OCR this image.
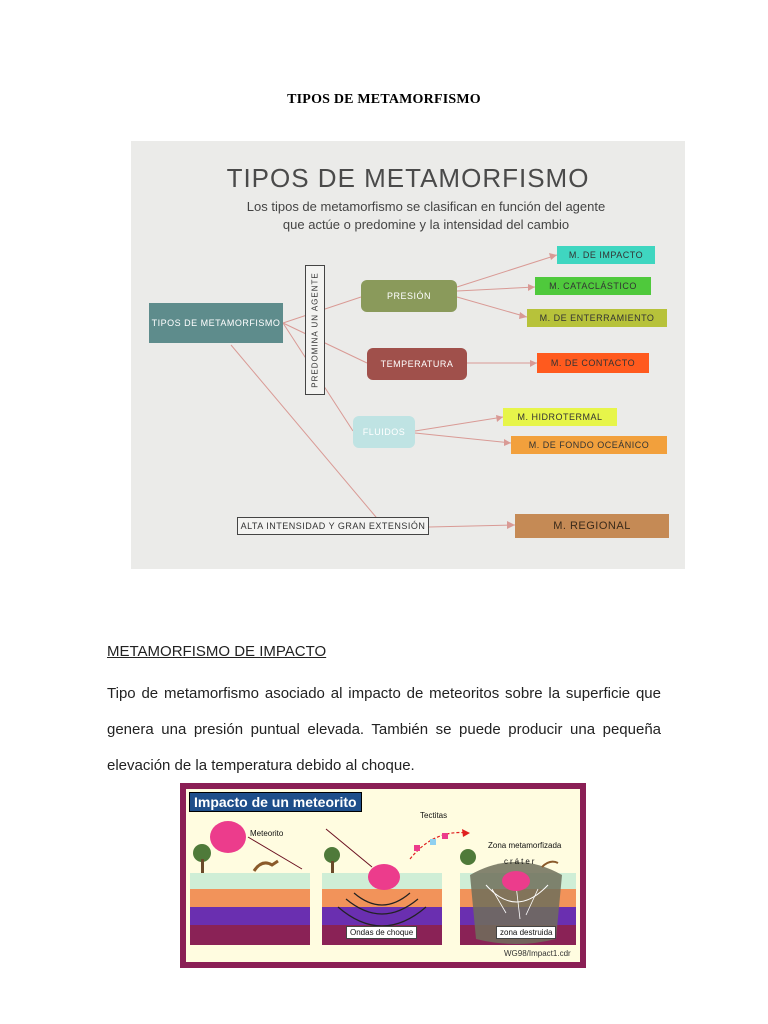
TIPOS DE METAMORFISMO
TIPOS DE METAMORFISMO
Los tipos de metamorfismo se clasifican en función del agente
que actúe o predomine y la intensidad del cambio
TIPOS DE METAMORFISMO	PREDOMINA UN AGENTE	PRESIÓN
TEMPERATURA
FLUIDOS
M. DE IMPACTO
M. CATACLÁSTICO
M. DE ENTERRAMIENTO
M. DE CONTACTO
M. HIDROTERMAL
M. DE FONDO OCEÁNICO
ALTA INTENSIDAD Y GRAN EXTENSIÓN	M. REGIONAL
METAMORFISMO DE IMPACTO
Tipo de metamorfismo asociado al impacto de meteoritos sobre la superficie que genera una presión puntual elevada. También se puede producir una pequeña elevación de la temperatura debido al choque.
Impacto de un meteorito
Meteorito
Tectitas
Zona metamorfizada
cráter
Ondas de choque	zona destruida
WG98/Impact1.cdr
